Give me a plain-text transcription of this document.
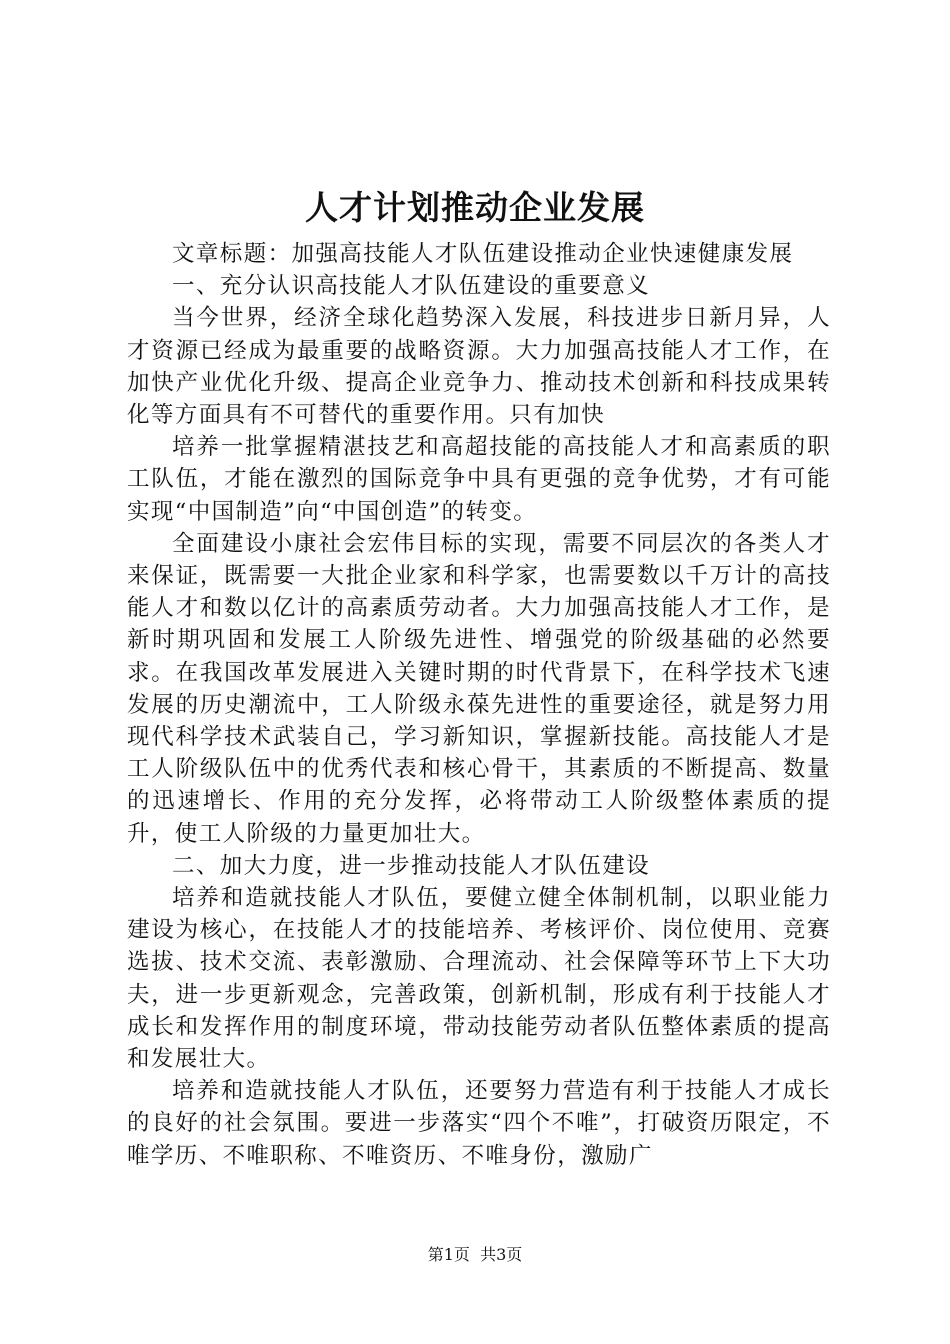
人才计划推动企业发展

文章标题：加强高技能人才队伍建设推动企业快速健康发展

一、充分认识高技能人才队伍建设的重要意义

当今世界，经济全球化趋势深入发展，科技进步日新月异，人才资源已经成为最重要的战略资源。大力加强高技能人才工作，在加快产业优化升级、提高企业竞争力、推动技术创新和科技成果转化等方面具有不可替代的重要作用。只有加快

培养一批掌握精湛技艺和高超技能的高技能人才和高素质的职工队伍，才能在激烈的国际竞争中具有更强的竞争优势，才有可能实现“中国制造”向“中国创造”的转变。

全面建设小康社会宏伟目标的实现，需要不同层次的各类人才来保证，既需要一大批企业家和科学家，也需要数以千万计的高技能人才和数以亿计的高素质劳动者。大力加强高技能人才工作，是新时期巩固和发展工人阶级先进性、增强党的阶级基础的必然要求。在我国改革发展进入关键时期的时代背景下，在科学技术飞速发展的历史潮流中，工人阶级永葆先进性的重要途径，就是努力用现代科学技术武装自己，学习新知识，掌握新技能。高技能人才是工人阶级队伍中的优秀代表和核心骨干，其素质的不断提高、数量的迅速增长、作用的充分发挥，必将带动工人阶级整体素质的提升，使工人阶级的力量更加壮大。

二、加大力度，进一步推动技能人才队伍建设

培养和造就技能人才队伍，要健立健全体制机制，以职业能力建设为核心，在技能人才的技能培养、考核评价、岗位使用、竞赛选拔、技术交流、表彰激励、合理流动、社会保障等环节上下大功夫，进一步更新观念，完善政策，创新机制，形成有利于技能人才成长和发挥作用的制度环境，带动技能劳动者队伍整体素质的提高和发展壮大。

培养和造就技能人才队伍，还要努力营造有利于技能人才成长的良好的社会氛围。要进一步落实“四个不唯”，打破资历限定，不唯学历、不唯职称、不唯资历、不唯身份，激励广

第1页 共3页
